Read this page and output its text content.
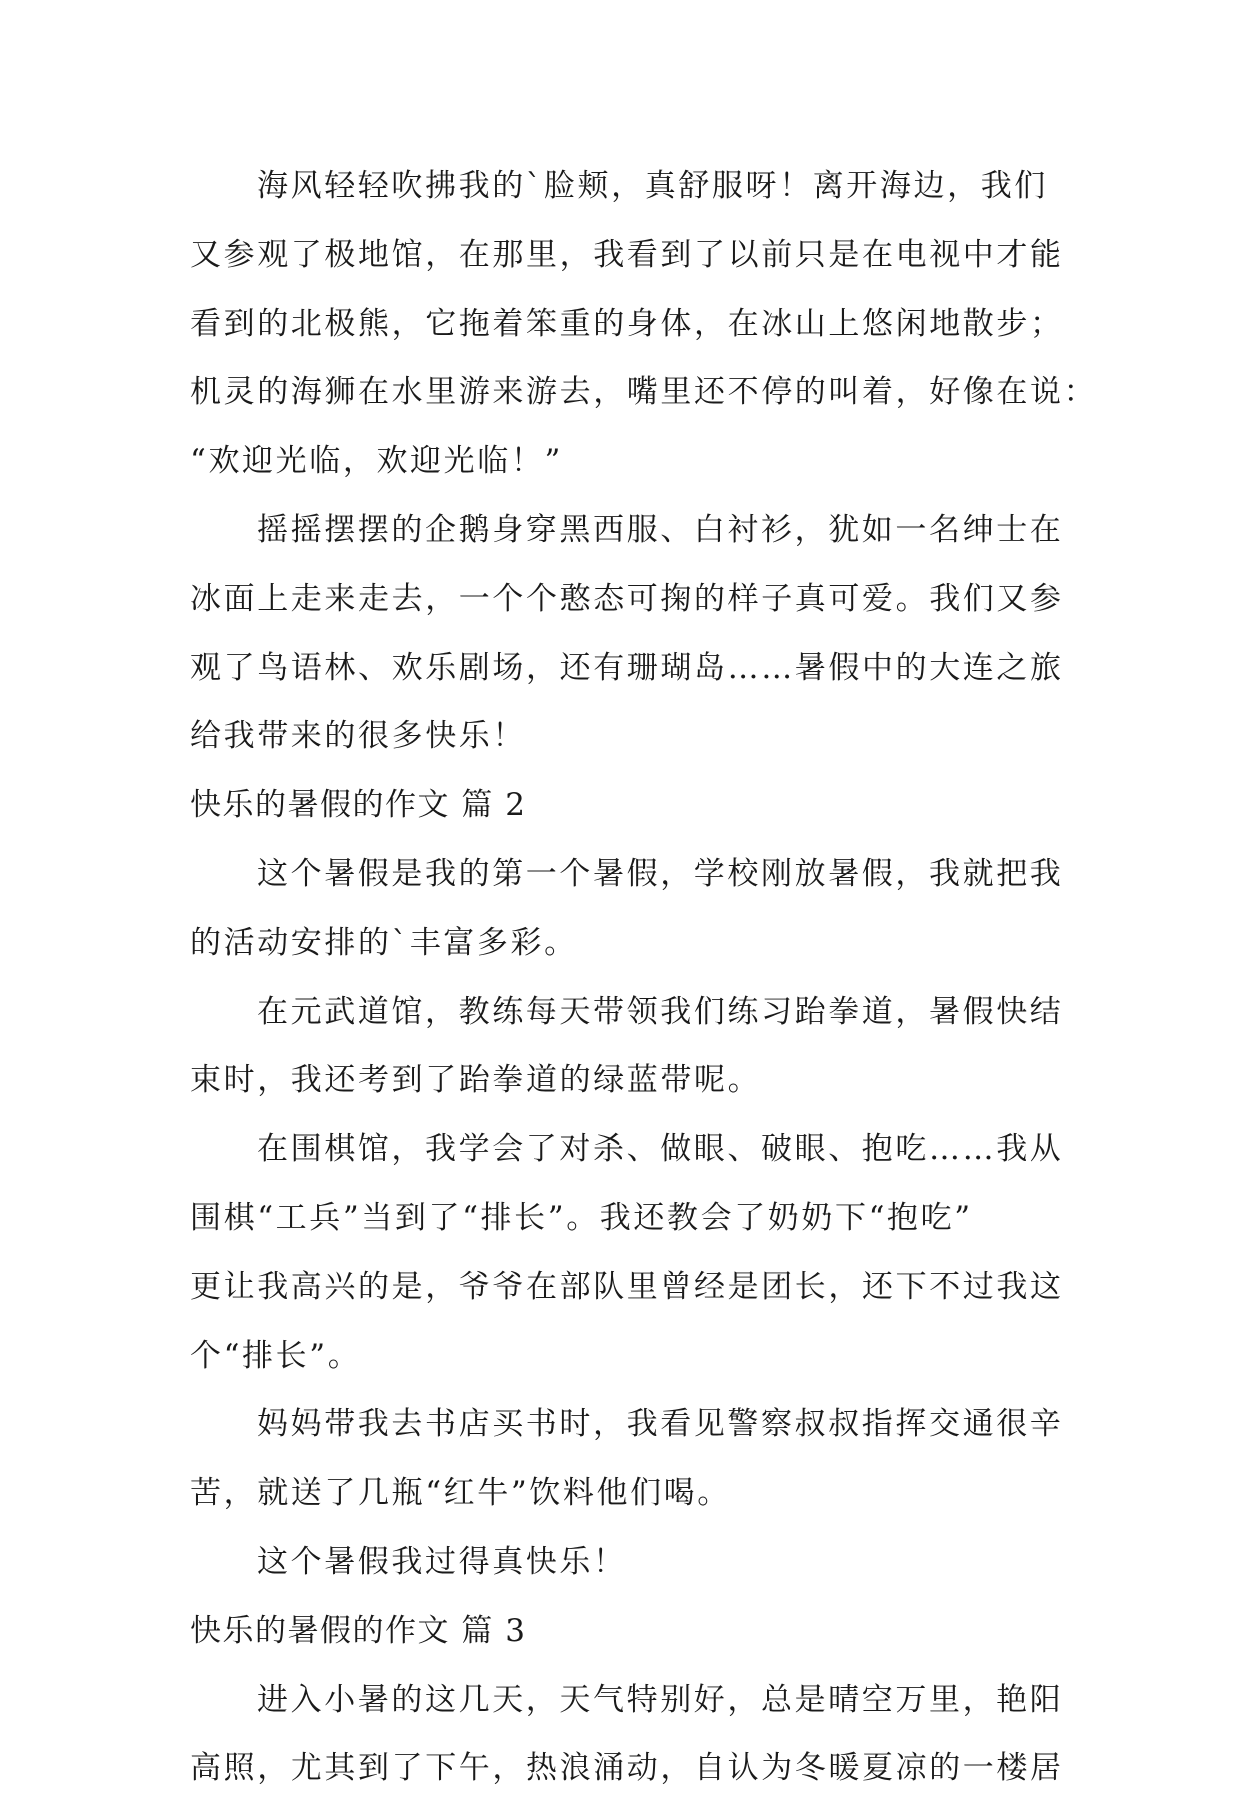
海风轻轻吹拂我的`脸颊，真舒服呀！离开海边，我们
又参观了极地馆，在那里，我看到了以前只是在电视中才能
看到的北极熊，它拖着笨重的身体，在冰山上悠闲地散步；
机灵的海狮在水里游来游去，嘴里还不停的叫着，好像在说：
“欢迎光临，欢迎光临！”
摇摇摆摆的企鹅身穿黑西服、白衬衫，犹如一名绅士在
冰面上走来走去，一个个憨态可掬的样子真可爱。我们又参
观了鸟语林、欢乐剧场，还有珊瑚岛……暑假中的大连之旅
给我带来的很多快乐！
快乐的暑假的作文 篇 2
这个暑假是我的第一个暑假，学校刚放暑假，我就把我
的活动安排的`丰富多彩。
在元武道馆，教练每天带领我们练习跆拳道，暑假快结
束时，我还考到了跆拳道的绿蓝带呢。
在围棋馆，我学会了对杀、做眼、破眼、抱吃……我从
围棋“工兵”当到了“排长”。我还教会了奶奶下“抱吃”
更让我高兴的是，爷爷在部队里曾经是团长，还下不过我这
个“排长”。
妈妈带我去书店买书时，我看见警察叔叔指挥交通很辛
苦，就送了几瓶“红牛”饮料他们喝。
这个暑假我过得真快乐！
快乐的暑假的作文 篇 3
进入小暑的这几天，天气特别好，总是晴空万里，艳阳
高照，尤其到了下午，热浪涌动，自认为冬暖夏凉的一楼居
